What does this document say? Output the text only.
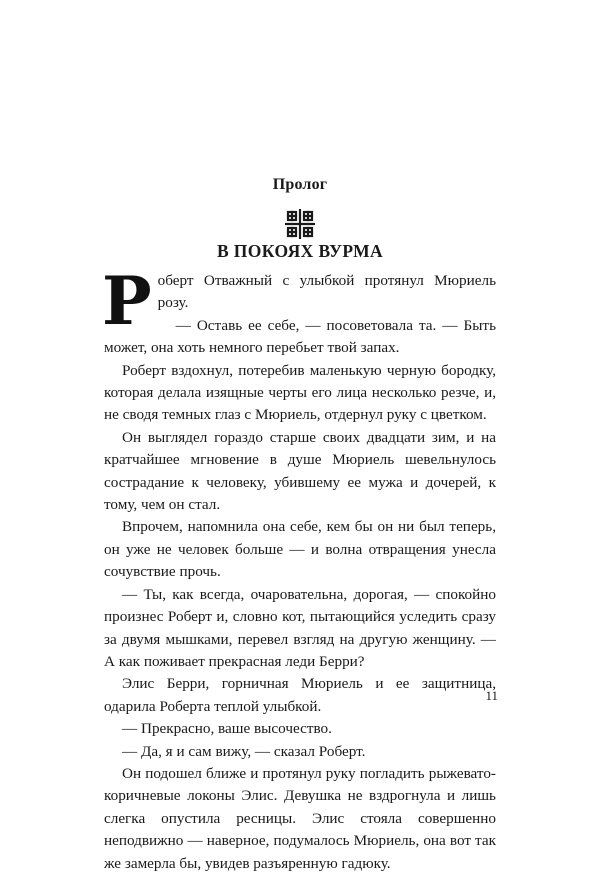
Пролог
В ПОКОЯХ ВУРМА

Роберт Отважный с улыбкой протянул Мюриель розу.

— Оставь ее себе, — посоветовала та. — Быть может, она хоть немного перебьет твой запах.

Роберт вздохнул, потеребив маленькую черную бородку, которая делала изящные черты его лица несколько резче, и, не сводя темных глаз с Мюриель, отдернул руку с цветком.

Он выглядел гораздо старше своих двадцати зим, и на кратчайшее мгновение в душе Мюриель шевельнулось сострадание к человеку, убившему ее мужа и дочерей, к тому, чем он стал.

Впрочем, напомнила она себе, кем бы он ни был теперь, он уже не человек больше — и волна отвращения унесла сочувствие прочь.

— Ты, как всегда, очаровательна, дорогая, — спокойно произнес Роберт и, словно кот, пытающийся уследить сразу за двумя мышками, перевел взгляд на другую женщину. — А как поживает прекрасная леди Берри?

Элис Берри, горничная Мюриель и ее защитница, одарила Роберта теплой улыбкой.

— Прекрасно, ваше высочество.

— Да, я и сам вижу, — сказал Роберт.

Он подошел ближе и протянул руку погладить рыжевато-коричневые локоны Элис. Девушка не вздрогнула и лишь слегка опустила ресницы. Элис стояла совершенно неподвижно — наверное, подумалось Мюриель, она вот так же замерла бы, увидев разъяренную гадюку.

11
